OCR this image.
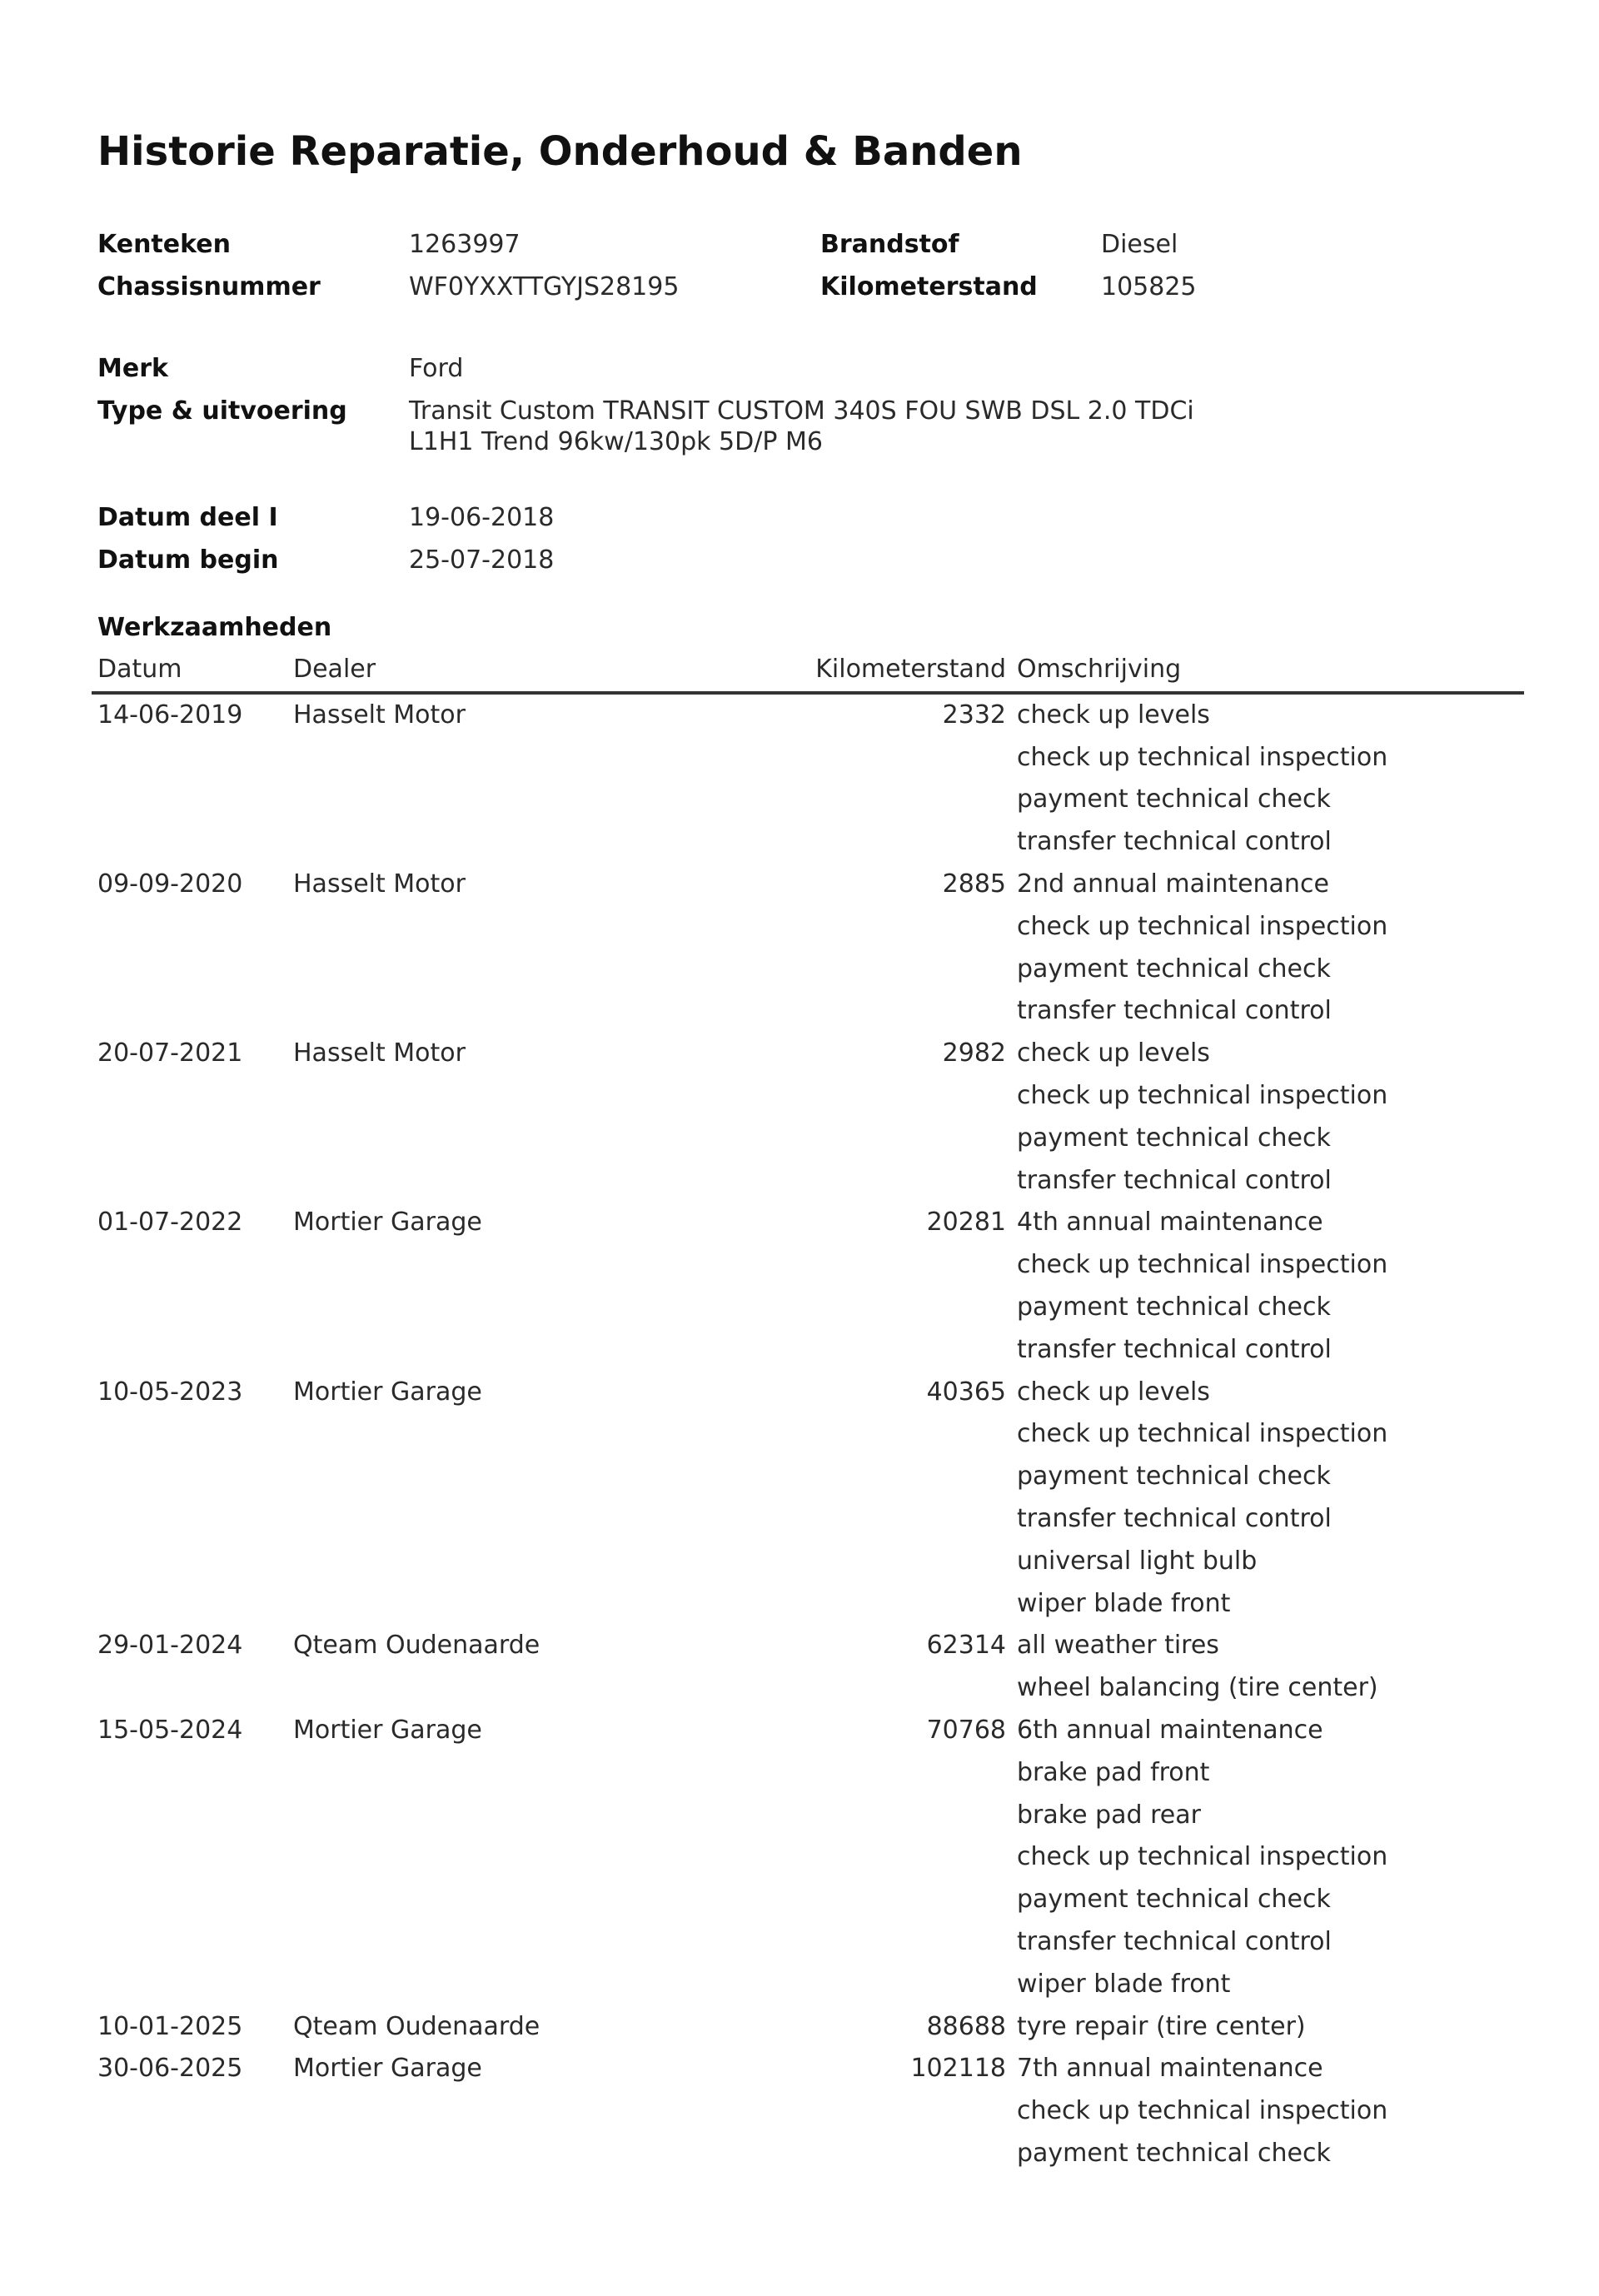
Historie Reparatie, Onderhoud & Banden
Kenteken	1263997	Brandstof	Diesel
Chassisnummer	WF0YXXTTGYJS28195	Kilometerstand	105825
Merk	Ford
Type & uitvoering	Transit Custom TRANSIT CUSTOM 340S FOU SWB DSL 2.0 TDCi
L1H1 Trend 96kw/130pk 5D/P M6
Datum deel I	19-06-2018
Datum begin	25-07-2018
Werkzaamheden
Datum	Dealer	Kilometerstand Omschrijving
14-06-2019	Hasselt Motor	2332 check up levels
check up technical inspection
payment technical check
transfer technical control
09-09-2020	Hasselt Motor	2885 2nd annual maintenance
check up technical inspection
payment technical check
transfer technical control
20-07-2021	Hasselt Motor	2982 check up levels
check up technical inspection
payment technical check
transfer technical control
01-07-2022	Mortier Garage	20281 4th annual maintenance
check up technical inspection
payment technical check
transfer technical control
10-05-2023	Mortier Garage	40365 check up levels
check up technical inspection
payment technical check
transfer technical control
universal light bulb
wiper blade front
29-01-2024	Qteam Oudenaarde	62314 all weather tires
wheel balancing (tire center)
15-05-2024	Mortier Garage	70768 6th annual maintenance
brake pad front
brake pad rear
check up technical inspection
payment technical check
transfer technical control
wiper blade front
10-01-2025	Qteam Oudenaarde	88688 tyre repair (tire center)
30-06-2025	Mortier Garage	102118 7th annual maintenance
check up technical inspection
payment technical check
